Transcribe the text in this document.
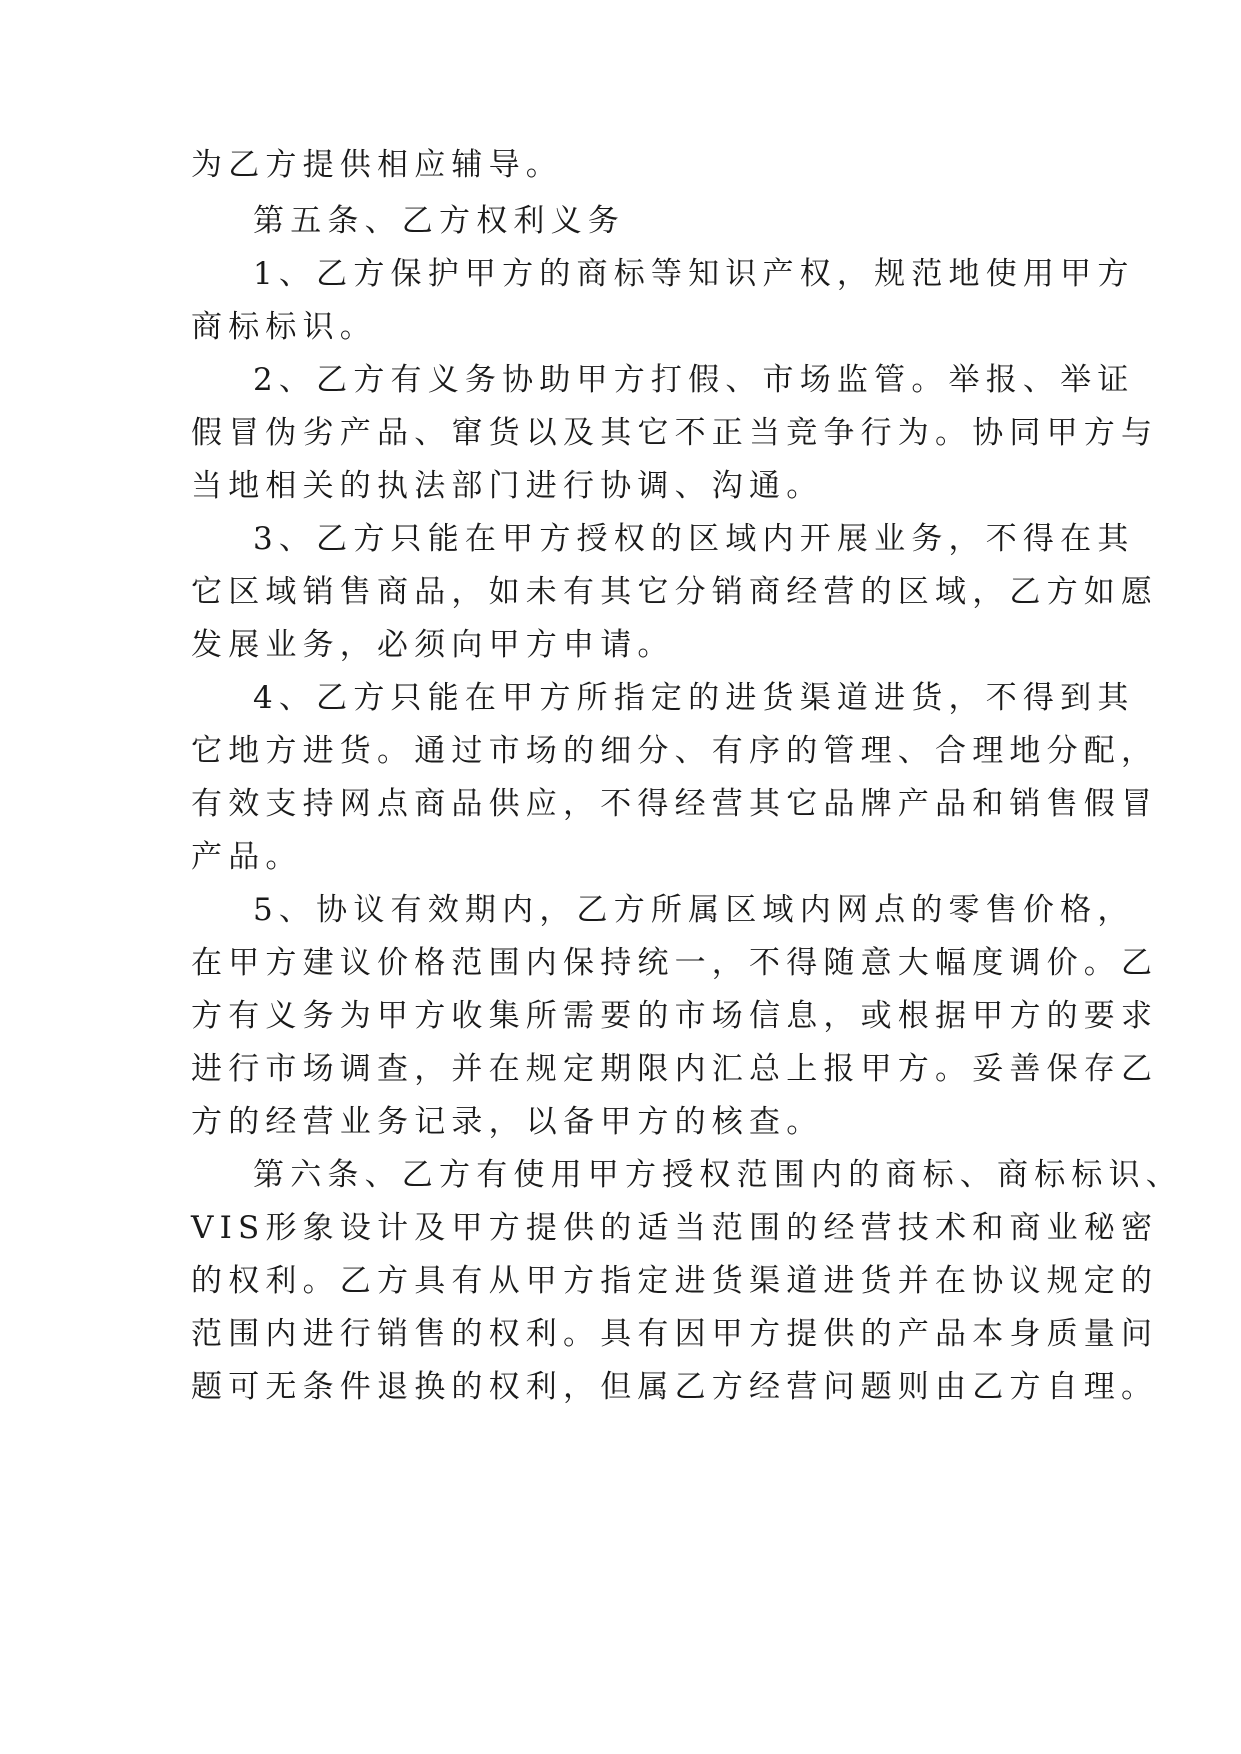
为乙方提供相应辅导。
第五条、乙方权利义务
1、乙方保护甲方的商标等知识产权，规范地使用甲方
商标标识。
2、乙方有义务协助甲方打假、市场监管。举报、举证
假冒伪劣产品、窜货以及其它不正当竞争行为。协同甲方与
当地相关的执法部门进行协调、沟通。
3、乙方只能在甲方授权的区域内开展业务，不得在其
它区域销售商品，如未有其它分销商经营的区域，乙方如愿
发展业务，必须向甲方申请。
4、乙方只能在甲方所指定的进货渠道进货，不得到其
它地方进货。通过市场的细分、有序的管理、合理地分配，
有效支持网点商品供应，不得经营其它品牌产品和销售假冒
产品。
5、协议有效期内，乙方所属区域内网点的零售价格，
在甲方建议价格范围内保持统一，不得随意大幅度调价。乙
方有义务为甲方收集所需要的市场信息，或根据甲方的要求
进行市场调查，并在规定期限内汇总上报甲方。妥善保存乙
方的经营业务记录，以备甲方的核查。
第六条、乙方有使用甲方授权范围内的商标、商标标识、
VIS形象设计及甲方提供的适当范围的经营技术和商业秘密
的权利。乙方具有从甲方指定进货渠道进货并在协议规定的
范围内进行销售的权利。具有因甲方提供的产品本身质量问
题可无条件退换的权利，但属乙方经营问题则由乙方自理。
